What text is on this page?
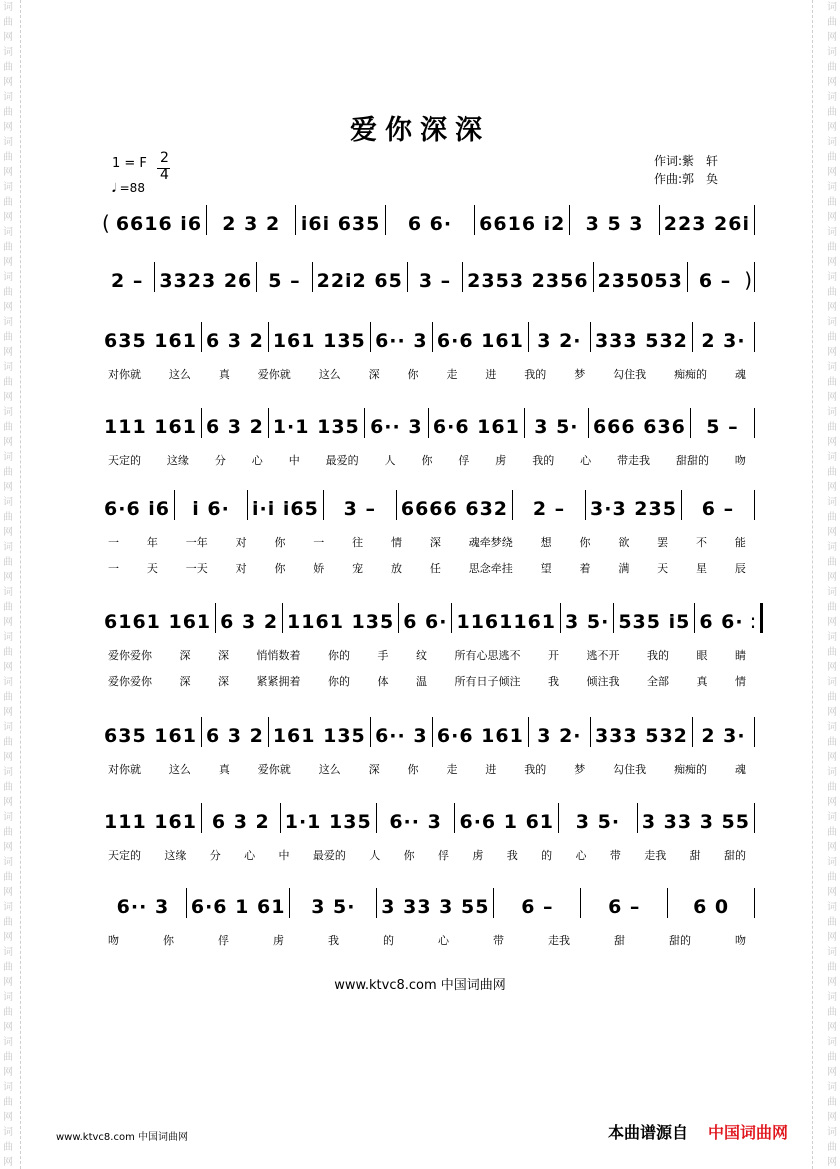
词
曲
网
词
曲
网
词
曲
网
词
曲
网
词
曲
网
词
曲
网
词
曲
网
词
曲
网
词
曲
网
词
曲
网
词
曲
网
词
曲
网
词
曲
网
词
曲
网
词
曲
网
词
曲
网
词
曲
网
词
曲
网
词
曲
网
词
曲
网
词
曲
网
词
曲
网
词
曲
网
词
曲
网
词
曲
网
词
曲
网
词
曲
网
词
曲
网
词
曲
网
词
曲
网
词
曲
网
词
曲
网
词
曲
网
词
曲
网
词
曲
网
词
曲
网
词
曲
网
词
曲
网
词
曲
网
词
曲
网
词
曲
网
词
曲
网
词
曲
网
词
曲
网
词
曲
网
词
曲
网
词
曲
网
词
曲
网
词
曲
网
词
曲
网
词
曲
网
词
曲
网
爱你深深
1 = F 2
4
𝅘𝅥 =88
作词:紫　轩
作曲:郭　奂
( 6616 i6	2 3 2	i6i 635	6 6·	6616 i2	3 5 3	223 26i
2 – 3323 26 5 – 22i2 65 3 – 2353 2356 235053 6 – )
635 161 6 3 2 161 135 6·· 3 6·6 161 3 2· 333 532 2 3·
对你就	这么	真	爱你就	这么	深	你	走	进	我的	梦	勾住我	痴痴的	魂
111 161 6 3 2 1·1 135 6·· 3 6·6 161 3 5· 666 636	5 –
天定的 这缘 分 心 中 最爱的 人 你 俘 虏 我的 心 带走我 甜甜的 吻
6·6 i6	i 6·	i·i i65	3 –	6666 632	2 –	3·3 235	6 –
一	年	一年	对	你	一	往	情	深	魂牵梦绕	想	你	欲	罢	不	能
一	天	一天	对	你	娇	宠	放	任	思念牵挂	望	着	满	天	星	辰
6161 161 6 3 2 1161 135 6 6· 1161161 3 5· 535 i5 6 6· :
爱你爱你	深	深	悄悄数着	你的	手	纹	所有心思逃不	开	逃不开	我的	眼	睛
爱你爱你	深	深	紧紧拥着	你的	体	温	所有日子倾注	我	倾注我	全部	真	情
635 161 6 3 2 161 135 6·· 3 6·6 161 3 2· 333 532 2 3·
对你就	这么	真	爱你就	这么	深	你	走	进	我的	梦	勾住我	痴痴的	魂
111 161 6 3 2 1·1 135 6·· 3 6·6 1 61	3 5·	3 33 3 55
天定的 这缘 分 心 中 最爱的 人 你 俘 虏 我 的 心 带 走我 甜 甜的
6·· 3	6·6 1 61	3 5·	3 33 3 55	6 –	6 –	6 0
吻	你	俘	虏	我	的	心	带	走我	甜	甜的	吻
www.ktvc8.com 中国词曲网
www.ktvc8.com 中国词曲网	本曲谱源自 中国词曲网
